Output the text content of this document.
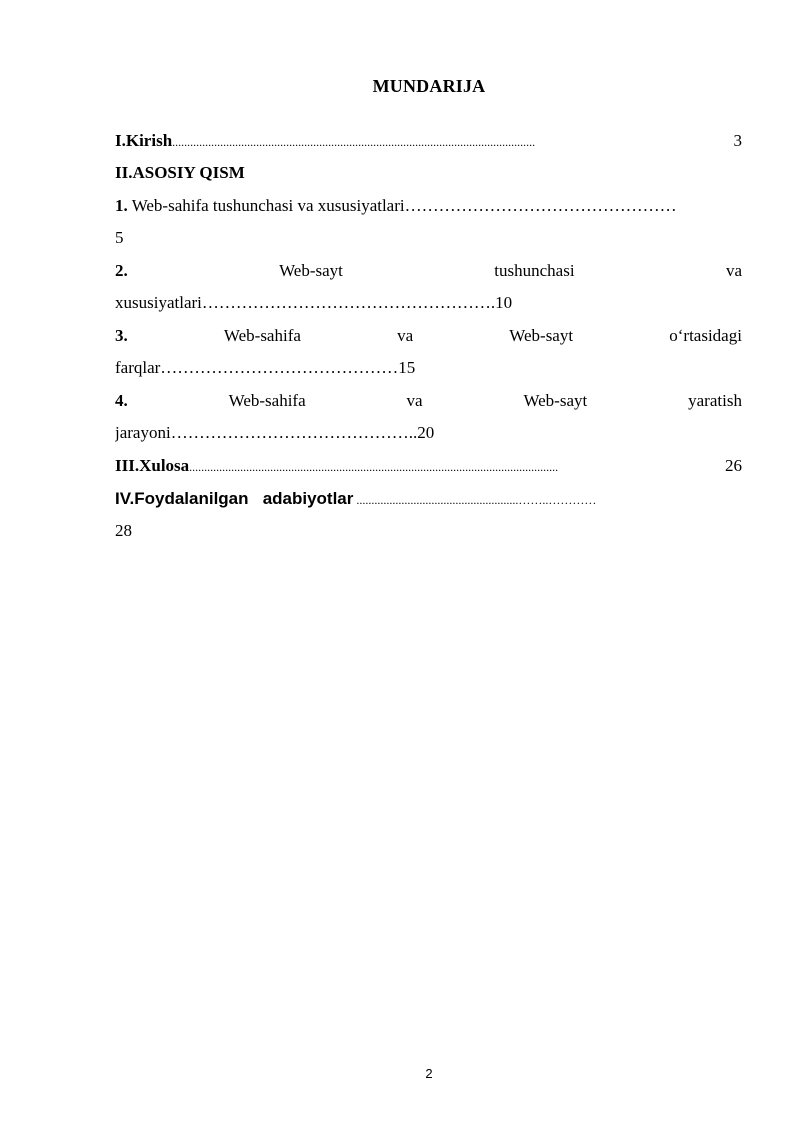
MUNDARIJA
I.Kirish .........................................................................................................................	3
II.ASOSIY QISM
1. Web-sahifa tushunchasi va xususiyatlari …………………………………………
5
2.	Web-sayt	tushunchasi	va
xususiyatlari…………………………………………….10
3.	Web-sahifa	va	Web-sayt	o‘rtasidagi
farqlar……………………………………15
4.	Web-sahifa	va	Web-sayt	yaratish
jarayoni……………………………………..20
III.Xulosa ...........................................................................................................................	26
IV.Foydalanilgan   adabiyotlar ......................................................……..…………
28
2
